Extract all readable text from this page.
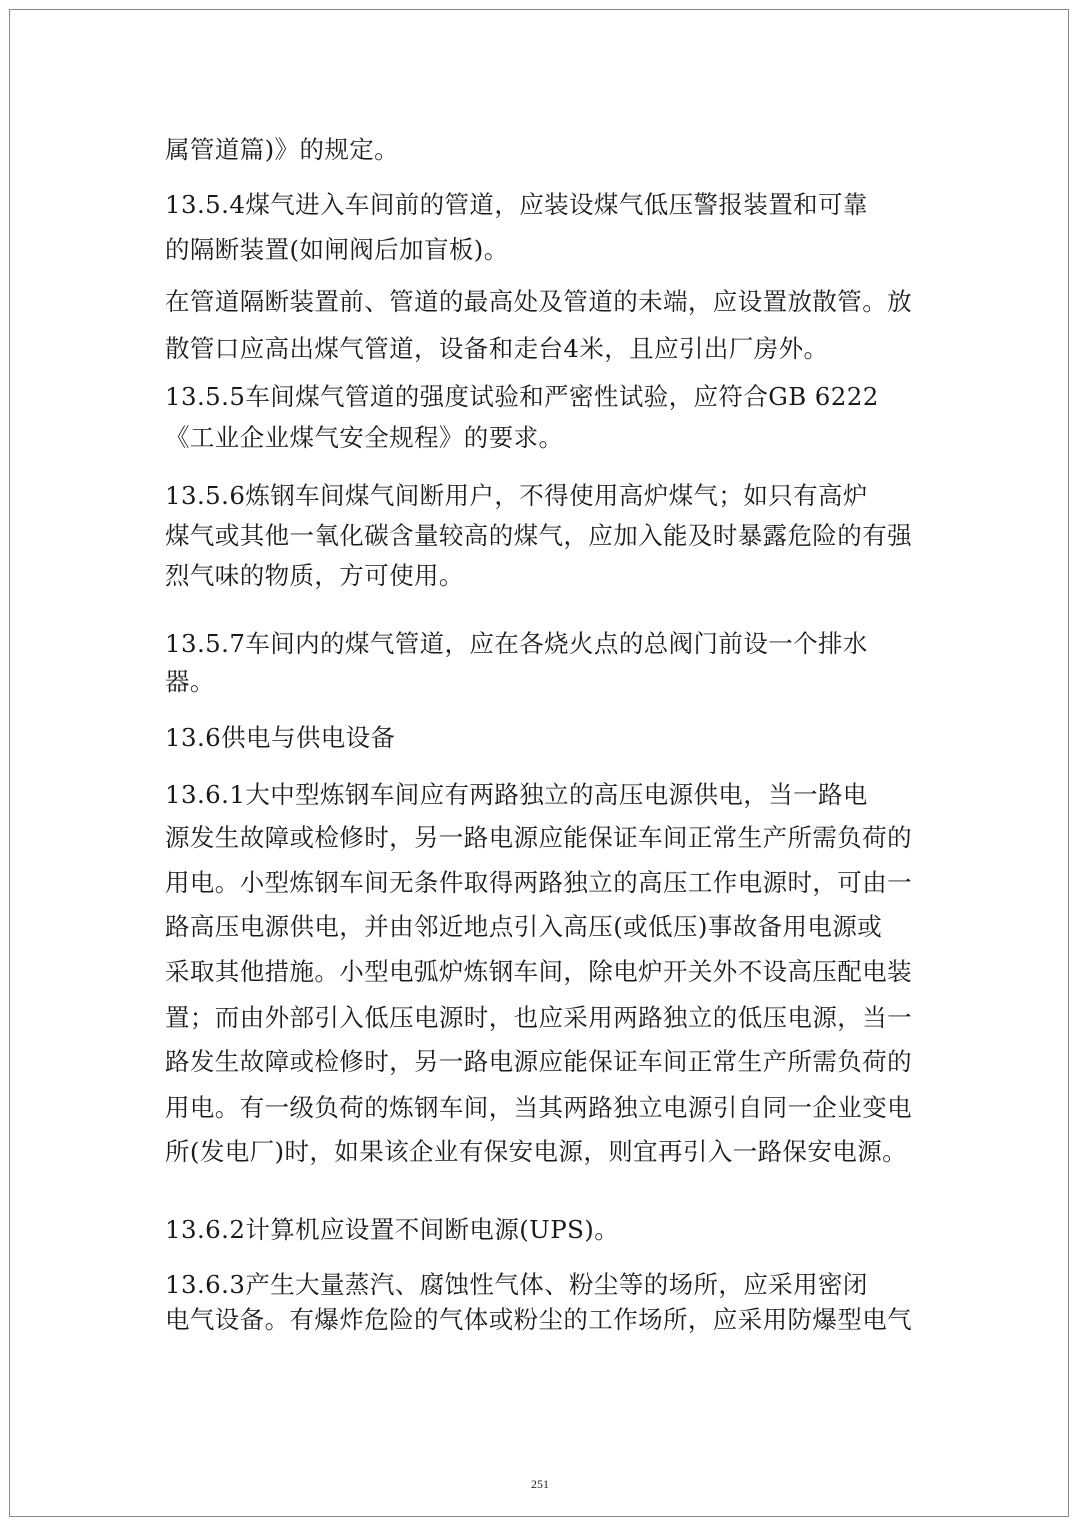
属管道篇)》的规定。
13.5.4煤气进入车间前的管道，应装设煤气低压警报装置和可靠
的隔断装置(如闸阀后加盲板)。
在管道隔断装置前、管道的最高处及管道的未端，应设置放散管。放
散管口应高出煤气管道，设备和走台4米，且应引出厂房外。
13.5.5车间煤气管道的强度试验和严密性试验，应符合GB 6222
《工业企业煤气安全规程》的要求。
13.5.6炼钢车间煤气间断用户，不得使用高炉煤气；如只有高炉
煤气或其他一氧化碳含量较高的煤气，应加入能及时暴露危险的有强
烈气味的物质，方可使用。
13.5.7车间内的煤气管道，应在各烧火点的总阀门前设一个排水
器。
13.6供电与供电设备
13.6.1大中型炼钢车间应有两路独立的高压电源供电，当一路电
源发生故障或检修时，另一路电源应能保证车间正常生产所需负荷的
用电。小型炼钢车间无条件取得两路独立的高压工作电源时，可由一
路高压电源供电，并由邻近地点引入高压(或低压)事故备用电源或
采取其他措施。小型电弧炉炼钢车间，除电炉开关外不设高压配电装
置；而由外部引入低压电源时，也应采用两路独立的低压电源，当一
路发生故障或检修时，另一路电源应能保证车间正常生产所需负荷的
用电。有一级负荷的炼钢车间，当其两路独立电源引自同一企业变电
所(发电厂)时，如果该企业有保安电源，则宜再引入一路保安电源。
13.6.2计算机应设置不间断电源(UPS)。
13.6.3产生大量蒸汽、腐蚀性气体、粉尘等的场所，应采用密闭
电气设备。有爆炸危险的气体或粉尘的工作场所，应采用防爆型电气
251
